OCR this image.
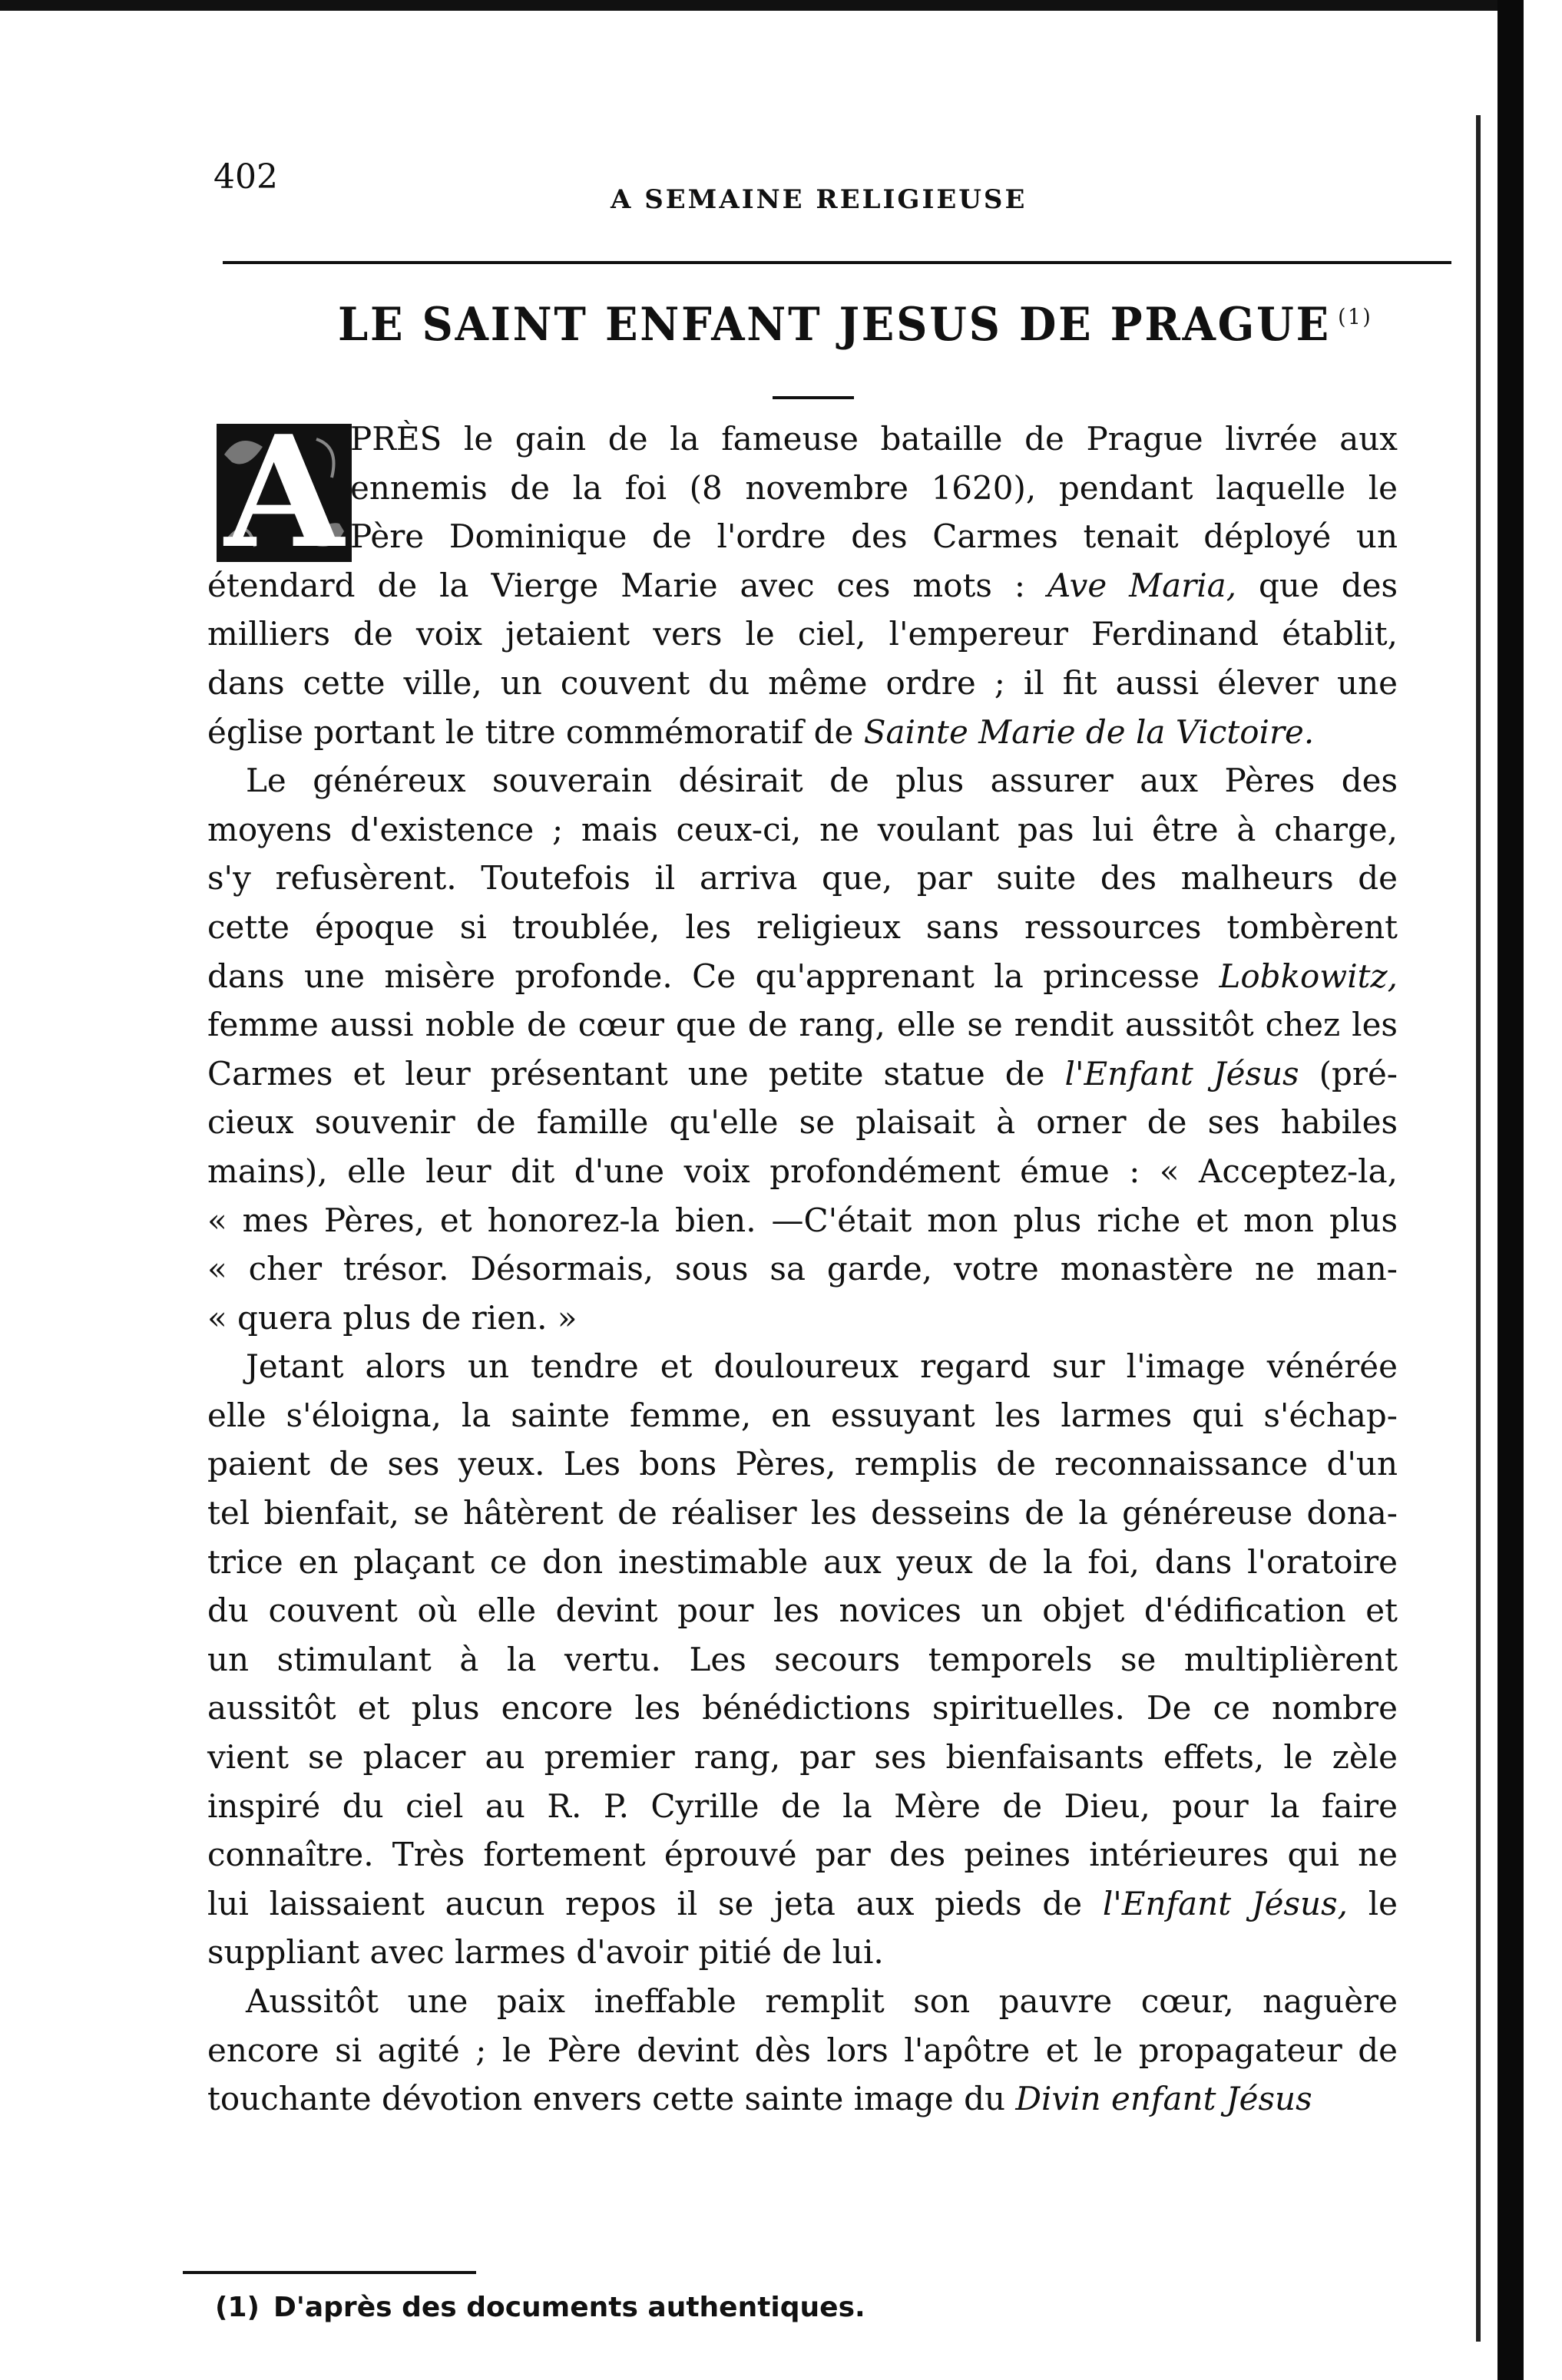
402
A SEMAINE RELIGIEUSE
LE SAINT ENFANT JESUS DE PRAGUE $^{(1)}$
A PRÈS le gain de la fameuse bataille de Prague livrée aux
ennemis de la foi (8 novembre 1620), pendant laquelle le
Père Dominique de l'ordre des Carmes tenait déployé un
étendard de la Vierge Marie avec ces mots : Ave Maria, que des
milliers de voix jetaient vers le ciel, l'empereur Ferdinand établit,
dans cette ville, un couvent du même ordre ; il fit aussi élever une
église portant le titre commémoratif de Sainte Marie de la Victoire.
Le généreux souverain désirait de plus assurer aux Pères des
moyens d'existence ; mais ceux-ci, ne voulant pas lui être à charge,
s'y refusèrent. Toutefois il arriva que, par suite des malheurs de
cette époque si troublée, les religieux sans ressources tombèrent
dans une misère profonde. Ce qu'apprenant la princesse Lobkowitz,
femme aussi noble de cœur que de rang, elle se rendit aussitôt chez les
Carmes et leur présentant une petite statue de l'Enfant Jésus (pré-
cieux souvenir de famille qu'elle se plaisait à orner de ses habiles
mains), elle leur dit d'une voix profondément émue : « Acceptez-la,
« mes Pères, et honorez-la bien. —C'était mon plus riche et mon plus
« cher trésor. Désormais, sous sa garde, votre monastère ne man-
« quera plus de rien. »
Jetant alors un tendre et douloureux regard sur l'image vénérée
elle s'éloigna, la sainte femme, en essuyant les larmes qui s'échap-
paient de ses yeux. Les bons Pères, remplis de reconnaissance d'un
tel bienfait, se hâtèrent de réaliser les desseins de la généreuse dona-
trice en plaçant ce don inestimable aux yeux de la foi, dans l'oratoire
du couvent où elle devint pour les novices un objet d'édification et
un stimulant à la vertu. Les secours temporels se multiplièrent
aussitôt et plus encore les bénédictions spirituelles. De ce nombre
vient se placer au premier rang, par ses bienfaisants effets, le zèle
inspiré du ciel au R. P. Cyrille de la Mère de Dieu, pour la faire
connaître. Très fortement éprouvé par des peines intérieures qui ne
lui laissaient aucun repos il se jeta aux pieds de l'Enfant Jésus, le
suppliant avec larmes d'avoir pitié de lui.
Aussitôt une paix ineffable remplit son pauvre cœur, naguère
encore si agité ; le Père devint dès lors l'apôtre et le propagateur de
touchante dévotion envers cette sainte image du Divin enfant Jésus
(1) D'après des documents authentiques.
